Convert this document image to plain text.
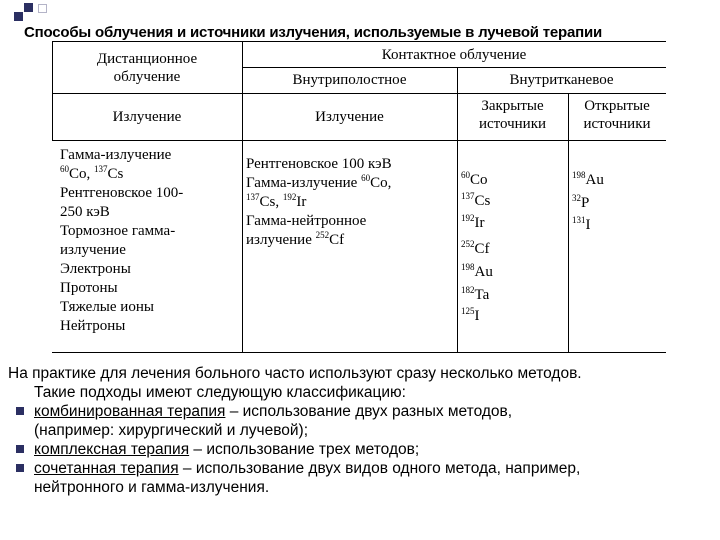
Способы облучения и источники излучения, используемые в лучевой терапии
Дистанционное
облучение
Контактное облучение
Внутриполостное	Внутритканевое
Излучение	Излучение
Закрытые
источники
Открытые
источники
Гамма-излучение
$^{60}$Co, $^{137}$Cs
Рентгеновское 100-
250 кэВ
Тормозное гамма-
излучение
Электроны
Протоны
Тяжелые ионы
Нейтроны
Рентгеновское 100 кэВ
Гамма-излучение $^{60}$Co,
$^{137}$Cs, $^{192}$Ir
Гамма-нейтронное
излучение $^{252}$Cf
$^{60}$Co
$^{137}$Cs
$^{192}$Ir
$^{252}$Cf
$^{198}$Au
$^{182}$Ta
$^{125}$I
$^{198}$Au
$^{32}$P
$^{131}$I
На практике для лечения больного часто используют сразу несколько методов.
Такие подходы имеют следующую классификацию:
комбинированная терапия – использование двух разных методов,
(например: хирургический и лучевой);
комплексная терапия – использование трех методов;
сочетанная терапия – использование двух видов одного метода, например,
нейтронного и гамма-излучения.
